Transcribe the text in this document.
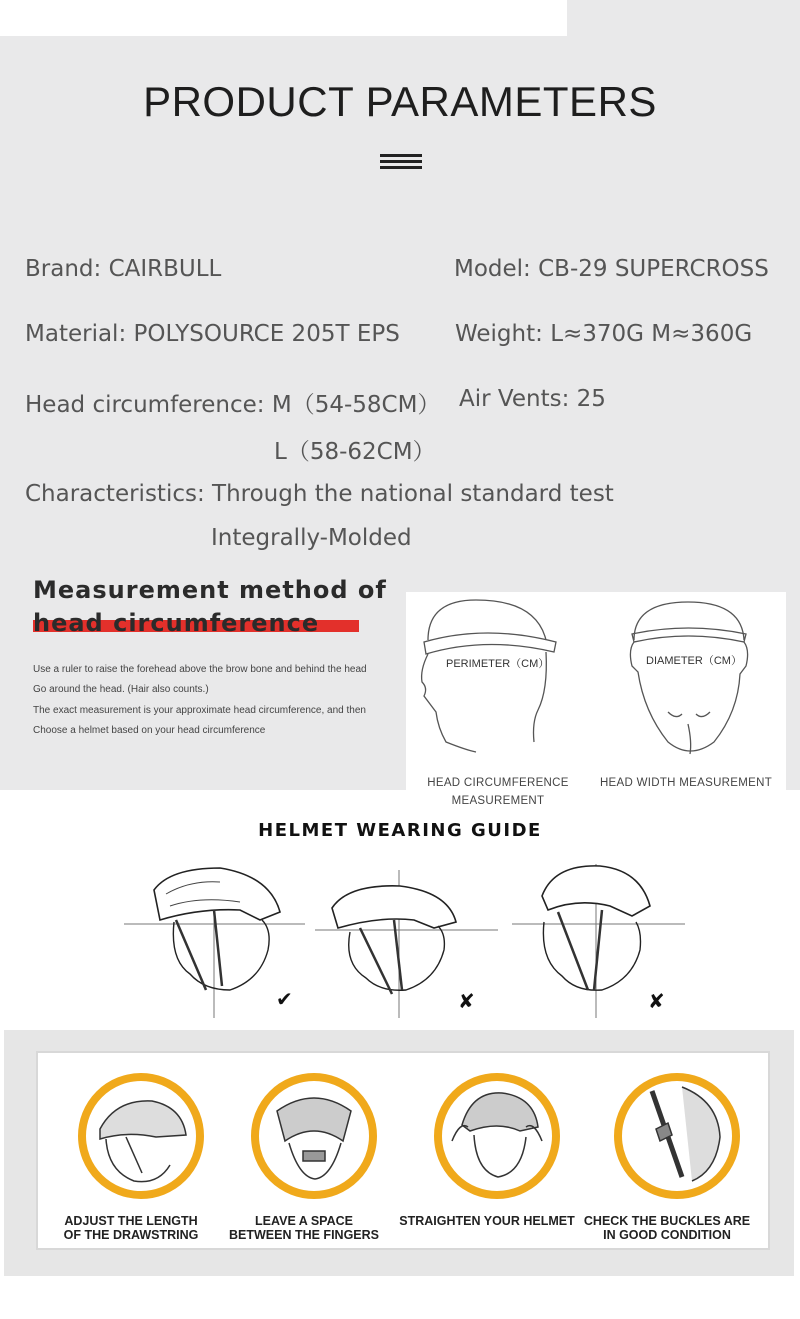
PRODUCT PARAMETERS
Brand: CAIRBULL	Model: CB-29 SUPERCROSS
Material: POLYSOURCE 205T EPS Weight: L≈370G M≈360G
Head circumference: M（54-58CM） Air Vents: 25
L（58-62CM）
Characteristics: Through the national standard test
Integrally-Molded
Measurement method of
head circumference
Use a ruler to raise the forehead above the brow bone and behind the head
Go around the head. (Hair also counts.)
The exact measurement is your approximate head circumference, and then
Choose a helmet based on your head circumference
PERIMETER（CM）	DIAMETER（CM）
HEAD CIRCUMFERENCE
MEASUREMENT
HEAD WIDTH MEASUREMENT
HELMET WEARING GUIDE
✔	✘	✘
ADJUST THE LENGTH
OF THE DRAWSTRING
LEAVE A SPACE
BETWEEN THE FINGERS
STRAIGHTEN YOUR HELMET CHECK THE BUCKLES ARE
IN GOOD CONDITION
